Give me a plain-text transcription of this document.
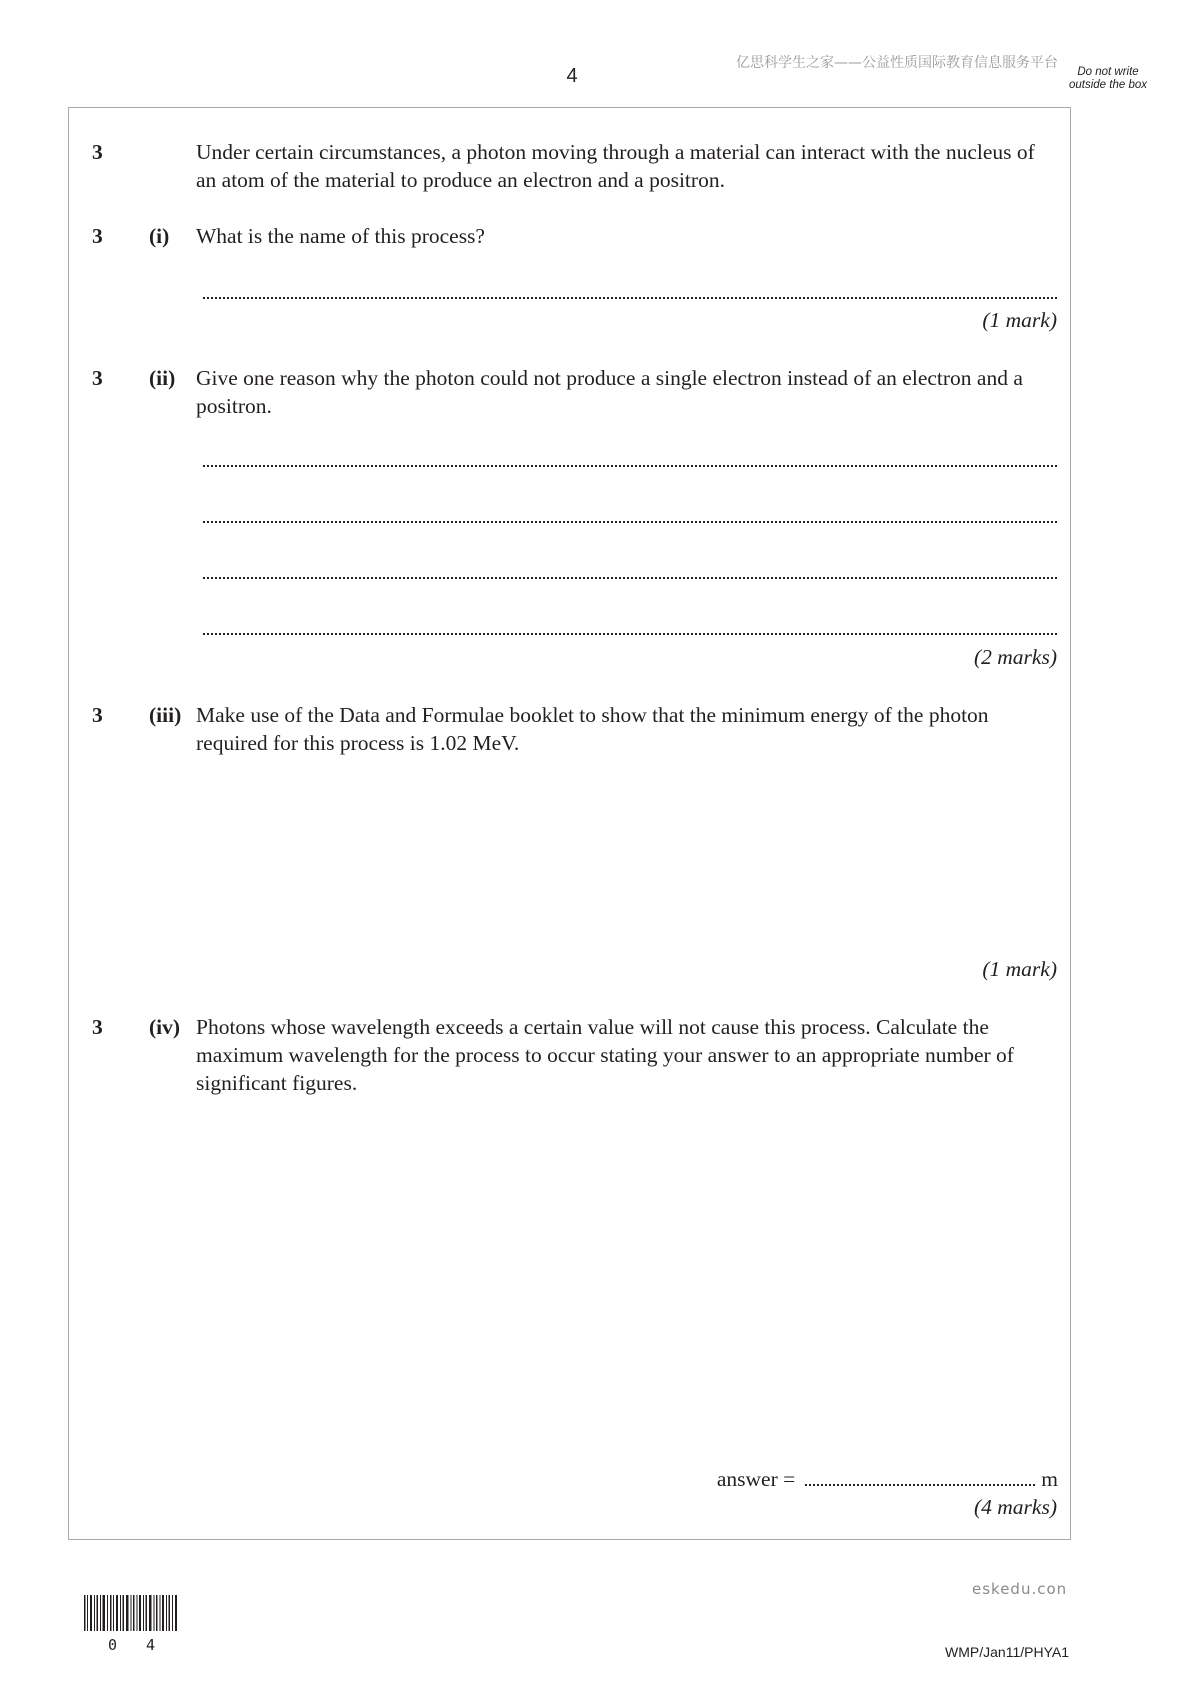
4
亿思科学生之家——公益性质国际教育信息服务平台
Do not write outside the box
3	Under certain circumstances, a photon moving through a material can interact with the nucleus of an atom of the material to produce an electron and a positron.
3	(i) What is the name of this process?
(1 mark)
3	(ii) Give one reason why the photon could not produce a single electron instead of an electron and a positron.
(2 marks)
3	(iii) Make use of the Data and Formulae booklet to show that the minimum energy of the photon required for this process is 1.02 MeV.
(1 mark)
3	(iv) Photons whose wavelength exceeds a certain value will not cause this process. Calculate the maximum wavelength for the process to occur stating your answer to an appropriate number of significant figures.
answer =	m
(4 marks)
eskedu.con
0 4	WMP/Jan11/PHYA1
